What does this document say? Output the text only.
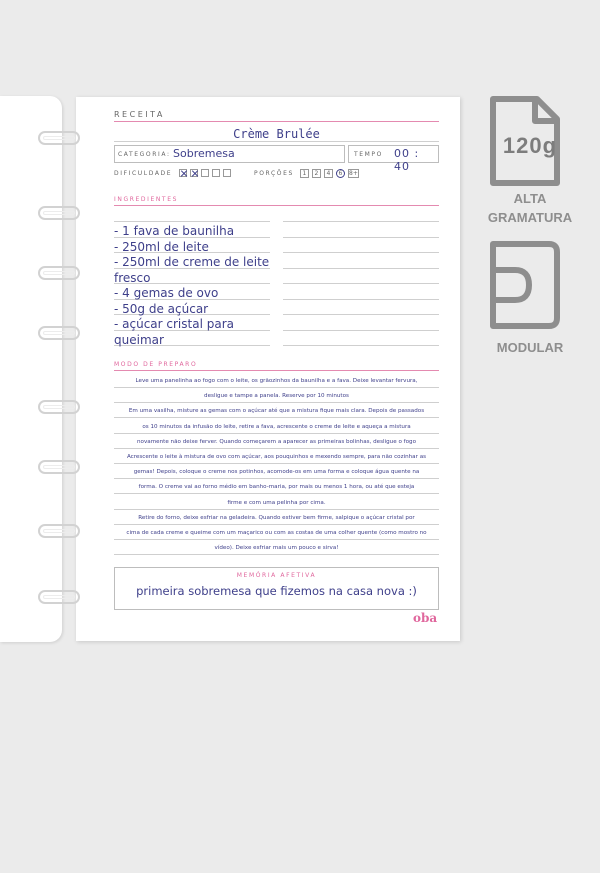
RECEITA
Crème Brulée
CATEGORIA: Sobremesa	TEMPO 00 : 40
DIFICULDADE	PORÇÕES	1	2	4	6	8+
INGREDIENTES
- 1 fava de baunilha
- 250ml de leite
- 250ml de creme de leite
fresco
- 4 gemas de ovo
- 50g de açúcar
- açúcar cristal para
queimar
MODO DE PREPARO
Leve uma panelinha ao fogo com o leite, os grãozinhos da baunilha e a fava. Deixe levantar fervura,
desligue e tampe a panela. Reserve por 10 minutos
Em uma vasilha, misture as gemas com o açúcar até que a mistura fique mais clara. Depois de passados
os 10 minutos da infusão do leite, retire a fava, acrescente o creme de leite e aqueça a mistura
novamente não deixe ferver. Quando começarem a aparecer as primeiras bolinhas, desligue o fogo
Acrescente o leite à mistura de ovo com açúcar, aos pouquinhos e mexendo sempre, para não cozinhar as
gemas! Depois, coloque o creme nos potinhos, acomode-os em uma forma e coloque água quente na
forma. O creme vai ao forno médio em banho-maria, por mais ou menos 1 hora, ou até que esteja
firme e com uma pelinha por cima.
Retire do forno, deixe esfriar na geladeira. Quando estiver bem firme, salpique o açúcar cristal por
cima de cada creme e queime com um maçarico ou com as costas de uma colher quente (como mostro no
vídeo). Deixe esfriar mais um pouco e sirva!
MEMÓRIA AFETIVA
primeira sobremesa que fizemos na casa nova :)
oba
120g
ALTA
GRAMATURA
MODULAR
